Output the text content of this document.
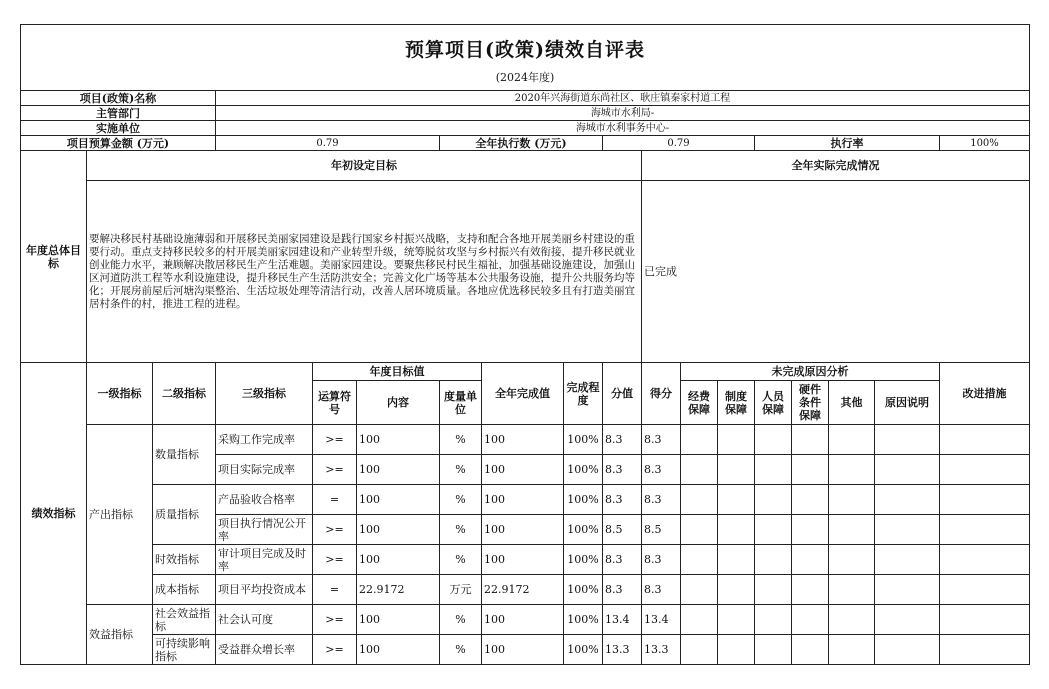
预算项目(政策)绩效自评表
(2024年度)																	

项目(政策)名称			2020年兴海街道东尚社区、耿庄镇秦家村道工程														
主管部门			海城市水利局-														
实施单位			海城市水利事务中心-														
项目预算金额 (万元)			0.79			全年执行数 (万元)			0.79				执行率				100%
年度总体目标	年初设定目标									全年实际完成情况							
	要解决移民村基础设施薄弱和开展移民美丽家园建设是践行国家乡村振兴战略，支持和配合各地开展美丽乡村建设的重要行动。重点支持移民较多的村开展美丽家园建设和产业转型升级，统筹脱贫攻坚与乡村振兴有效衔接，提升移民就业创业能力水平，兼顾解决散居移民生产生活难题。美丽家园建设。要聚焦移民村民生福祉，加强基础设施建设，加强山区河道防洪工程等水利设施建设，提升移民生产生活防洪安全；完善文化广场等基本公共服务设施，提升公共服务均等化；开展房前屋后河塘沟渠整治、生活垃圾处理等清洁行动，改善人居环境质量。各地应优选移民较多且有打造美丽宜居村条件的村，推进工程的进程。									已完成							
绩效指标	一级指标	二级指标	三级指标	年度目标值			全年完成值	完成程度	分值	得分	未完成原因分析						改进措施
				运算符号	内容	度量单位					经费保障	制度保障	人员保障	硬件条件保障	其他	原因说明	
	产出指标	数量指标	采购工作完成率	>=	100	%	100	100%	8.3	8.3							
			项目实际完成率	>=	100	%	100	100%	8.3	8.3							
		质量指标	产品验收合格率	=	100	%	100	100%	8.3	8.3							
			项目执行情况公开率	>=	100	%	100	100%	8.5	8.5							
		时效指标	审计项目完成及时率	>=	100	%	100	100%	8.3	8.3							
		成本指标	项目平均投资成本	=	22.9172	万元	22.9172	100%	8.3	8.3							
	效益指标	社会效益指标	社会认可度	>=	100	%	100	100%	13.4	13.4							
		可持续影响指标	受益群众增长率	>=	100	%	100	100%	13.3	13.3							
